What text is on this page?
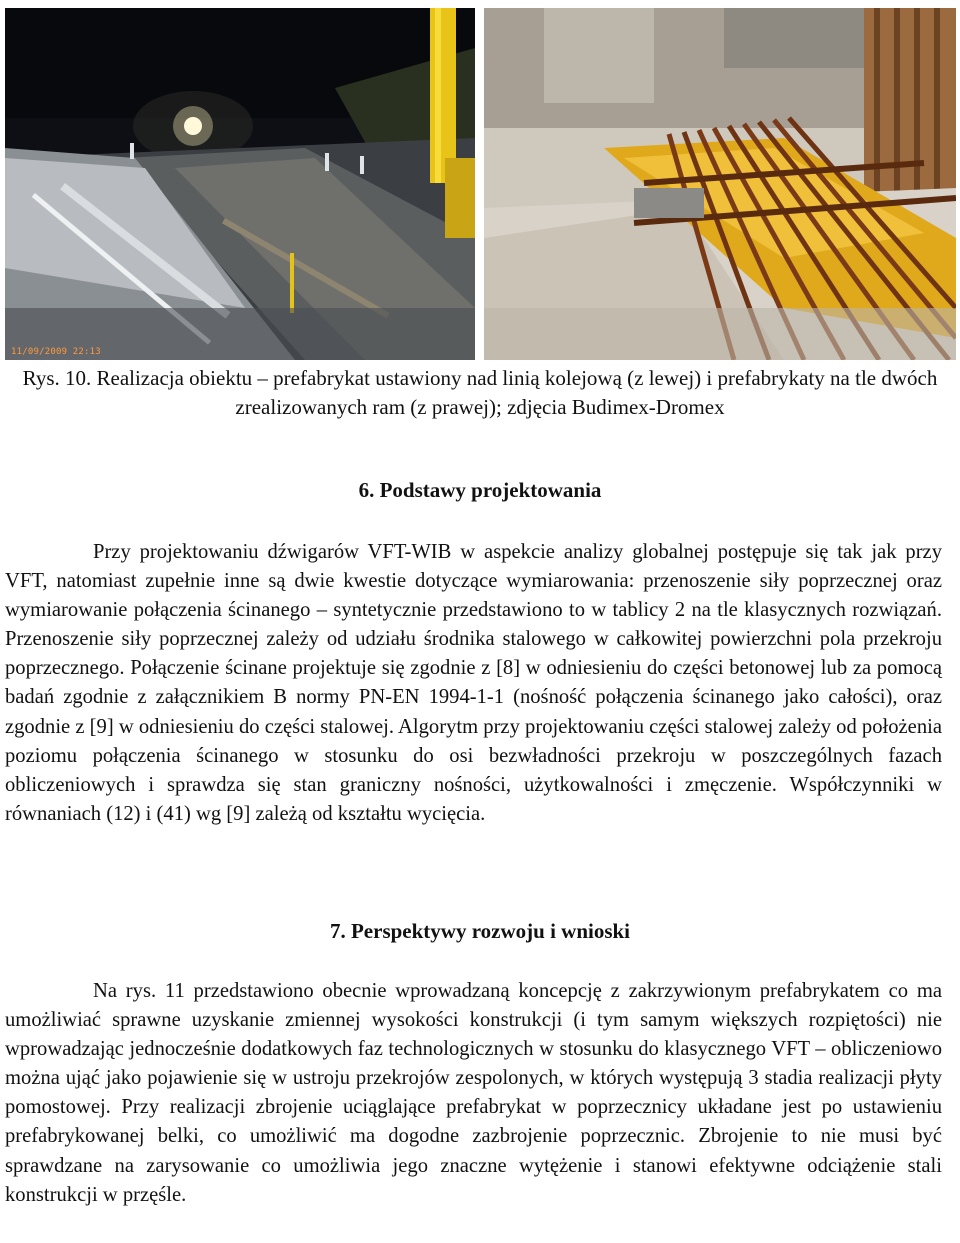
11/09/2009 22:13
Rys. 10. Realizacja obiektu – prefabrykat ustawiony nad linią kolejową (z lewej) i prefabrykaty na tle dwóch zrealizowanych ram (z prawej); zdjęcia Budimex-Dromex
6. Podstawy projektowania
Przy projektowaniu dźwigarów VFT-WIB w aspekcie analizy globalnej postępuje się tak jak przy VFT, natomiast zupełnie inne są dwie kwestie dotyczące wymiarowania: przenoszenie siły poprzecznej oraz wymiarowanie połączenia ścinanego – syntetycznie przedstawiono to w tablicy 2 na tle klasycznych rozwiązań. Przenoszenie siły poprzecznej zależy od udziału środnika stalowego w całkowitej powierzchni pola przekroju poprzecznego. Połączenie ścinane projektuje się zgodnie z [8] w odniesieniu do części betonowej lub za pomocą badań zgodnie z załącznikiem B normy PN-EN 1994-1-1 (nośność połączenia ścinanego jako całości), oraz zgodnie z [9] w odniesieniu do części stalowej. Algorytm przy projektowaniu części stalowej zależy od położenia poziomu połączenia ścinanego w stosunku do osi bezwładności przekroju w poszczególnych fazach obliczeniowych i sprawdza się stan graniczny nośności, użytkowalności i zmęczenie. Współczynniki w równaniach (12) i (41) wg [9] zależą od kształtu wycięcia.
7. Perspektywy rozwoju i wnioski
Na rys. 11 przedstawiono obecnie wprowadzaną koncepcję z zakrzywionym prefabrykatem co ma umożliwiać sprawne uzyskanie zmiennej wysokości konstrukcji (i tym samym większych rozpiętości) nie wprowadzając jednocześnie dodatkowych faz technologicznych w stosunku do klasycznego VFT – obliczeniowo można ująć jako pojawienie się w ustroju przekrojów zespolonych, w których występują 3 stadia realizacji płyty pomostowej. Przy realizacji zbrojenie uciąglające prefabrykat w poprzecznicy układane jest po ustawieniu prefabrykowanej belki, co umożliwić ma dogodne zazbrojenie poprzecznic. Zbrojenie to nie musi być sprawdzane na zarysowanie co umożliwia jego znaczne wytężenie i stanowi efektywne odciążenie stali konstrukcji w przęśle.
